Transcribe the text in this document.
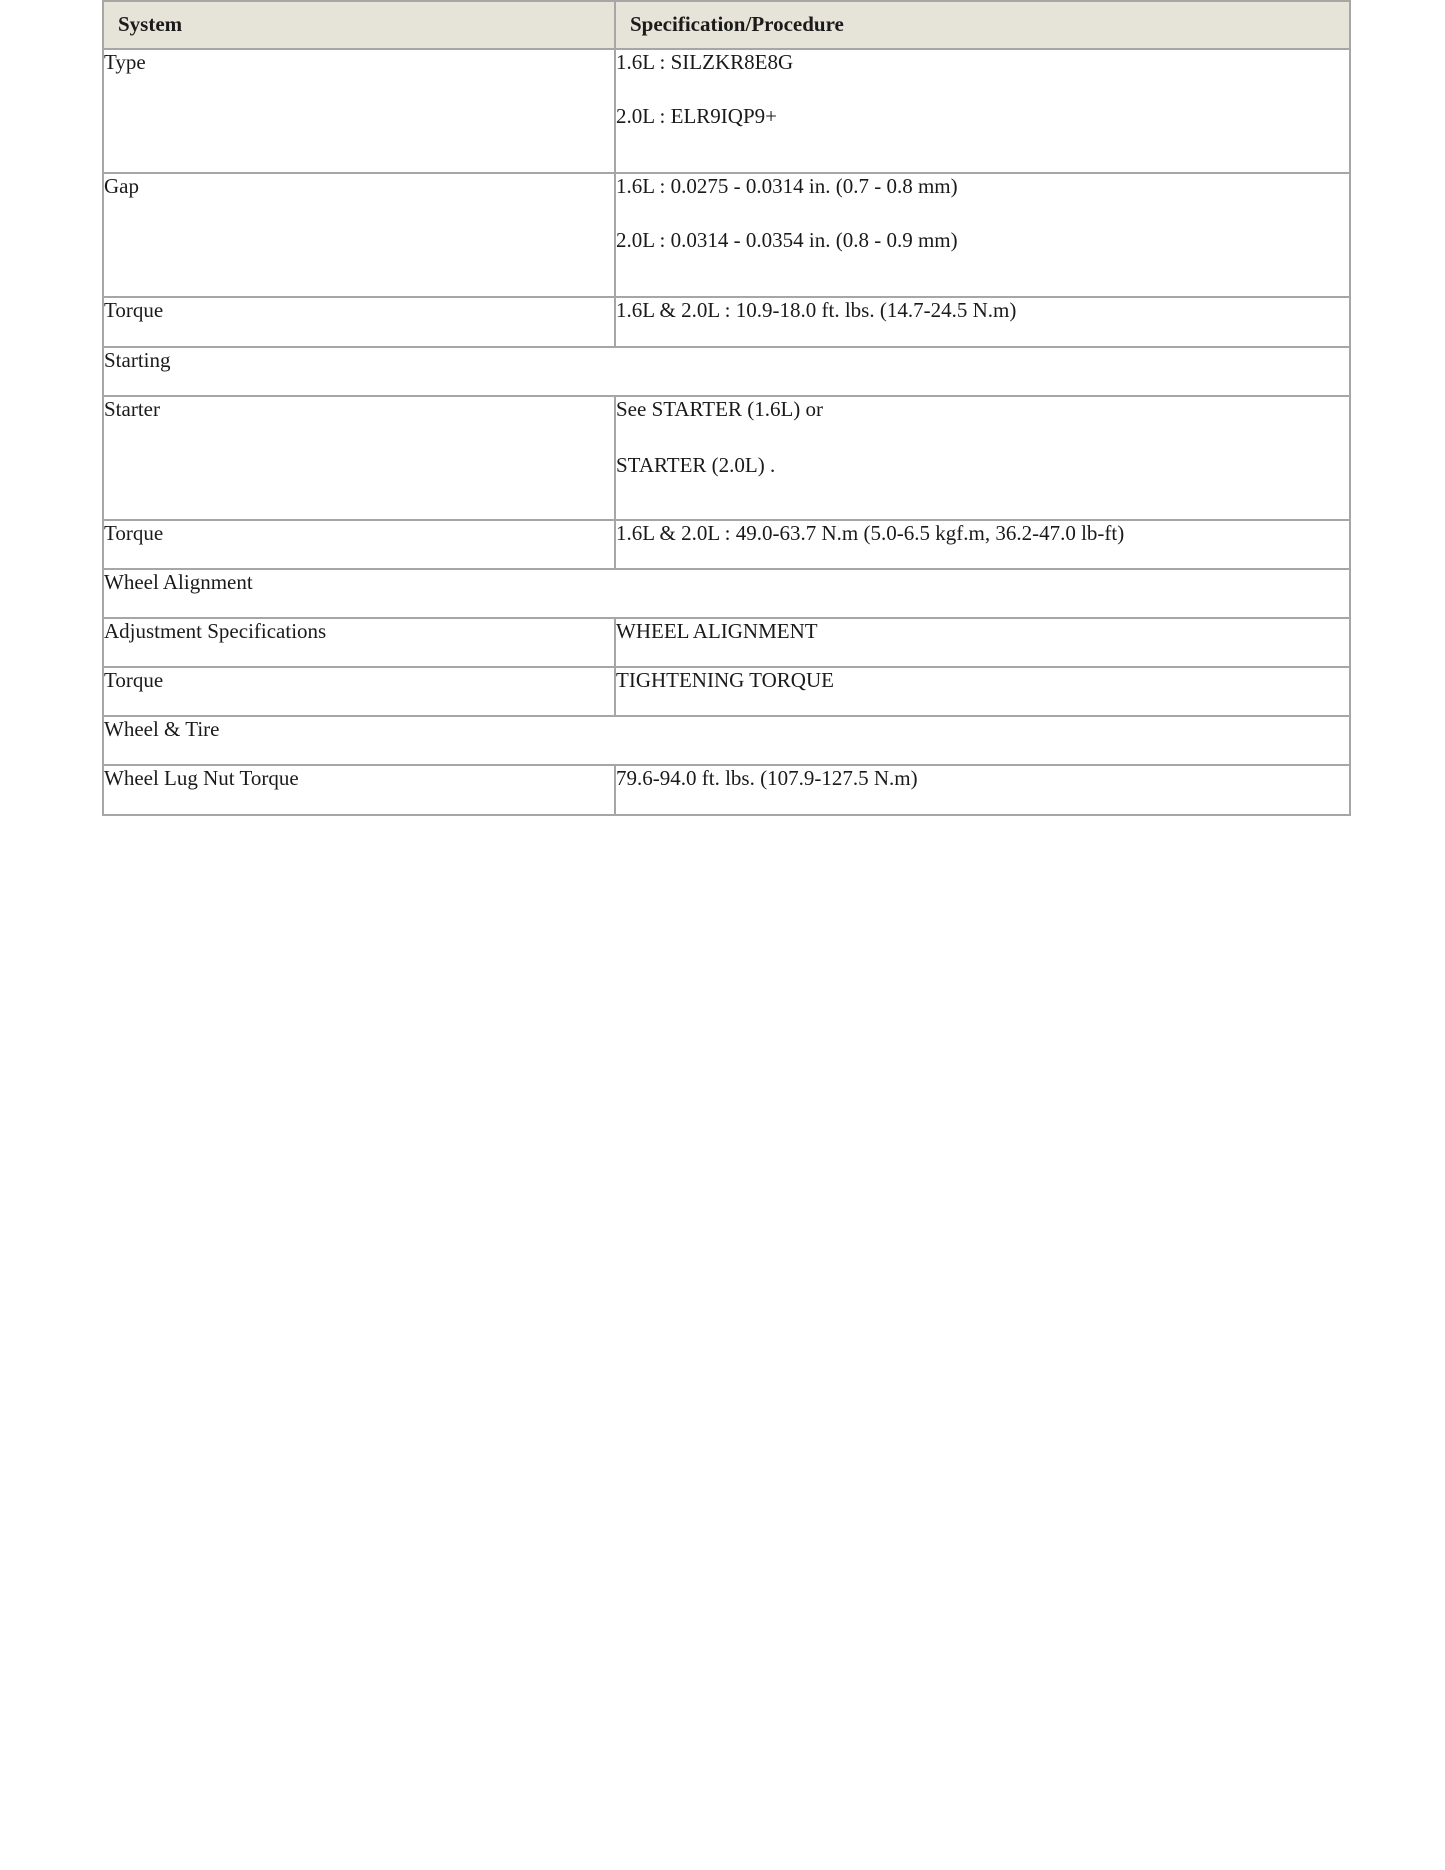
System	Specification/Procedure
Type	1.6L : SILZKR8E8G
2.0L : ELR9IQP9+

Gap	1.6L : 0.0275 - 0.0314 in. (0.7 - 0.8 mm)
2.0L : 0.0314 - 0.0354 in. (0.8 - 0.9 mm)

Torque	1.6L & 2.0L : 10.9-18.0 ft. lbs. (14.7-24.5 N.m)
Starting	
Starter	See STARTER (1.6L) or
STARTER (2.0L) .

Torque	1.6L & 2.0L : 49.0-63.7 N.m (5.0-6.5 kgf.m, 36.2-47.0 lb-ft)
Wheel Alignment	
Adjustment Specifications	WHEEL ALIGNMENT
Torque	TIGHTENING TORQUE
Wheel & Tire	
Wheel Lug Nut Torque	79.6-94.0 ft. lbs. (107.9-127.5 N.m)
